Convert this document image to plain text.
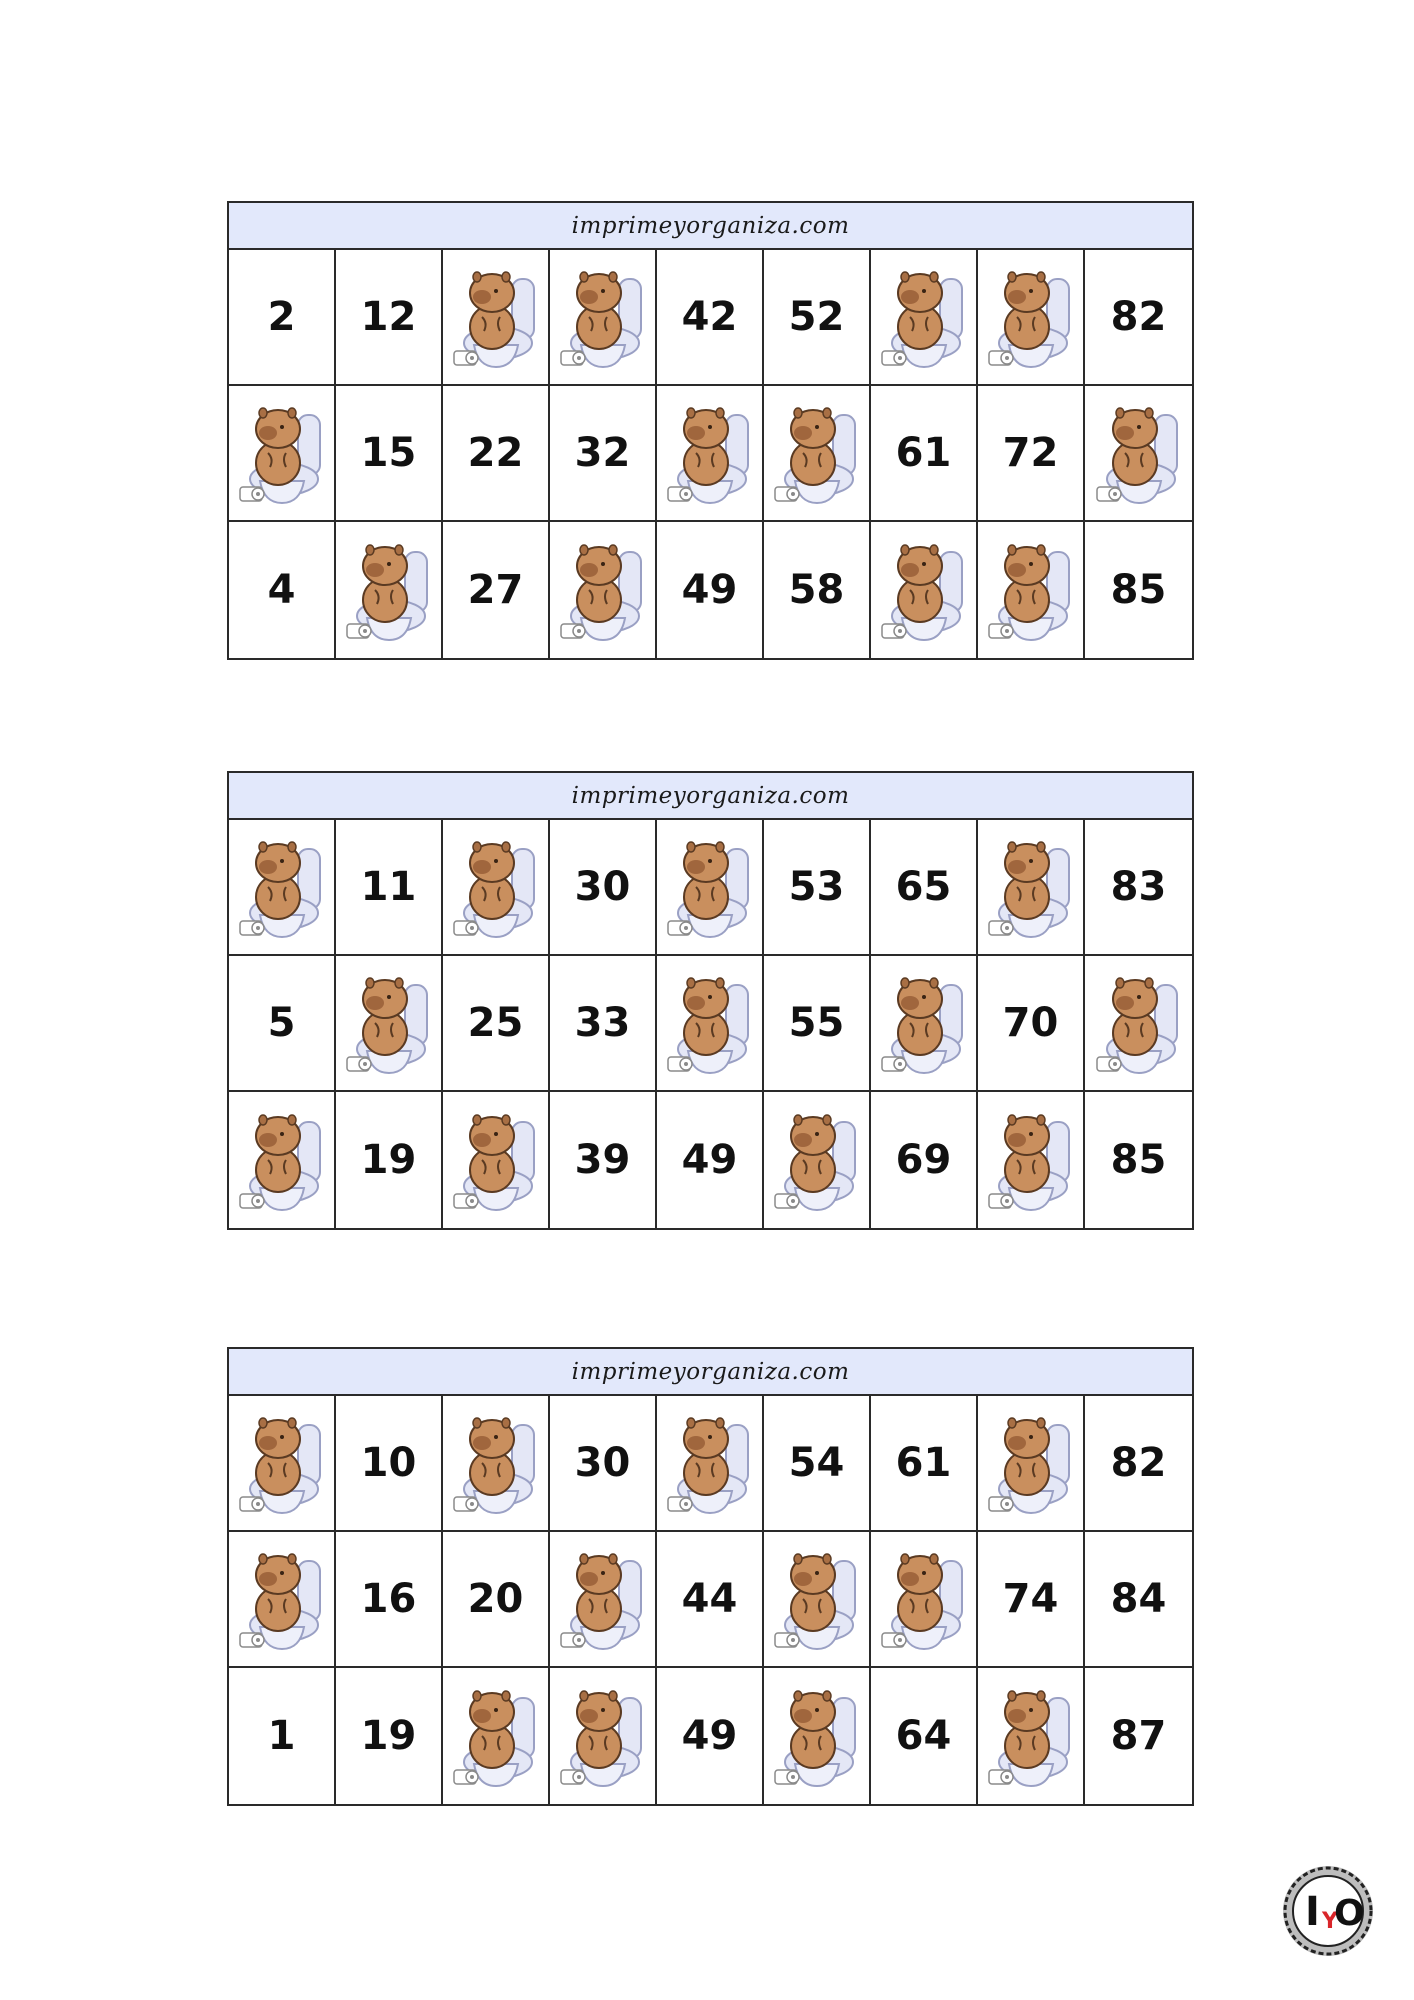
imprimeyorganiza.com
2	12	42	52	82
15	22	32	61	72
4	27	49	58	85
imprimeyorganiza.com
11	30	53	65	83
5	25	33	55	70
19	39	49	69	85
imprimeyorganiza.com
10	30	54	61	82
16	20	44	74	84
1	19	49	64	87
I Y
O
